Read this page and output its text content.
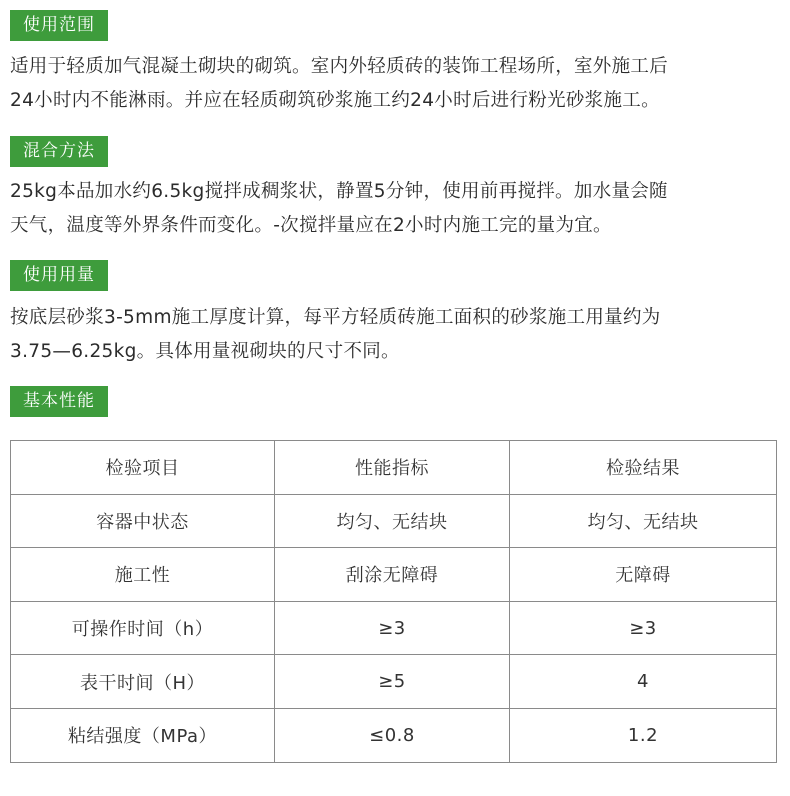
使用范围
适用于轻质加气混凝土砌块的砌筑。室内外轻质砖的装饰工程场所，室外施工后
24小时内不能淋雨。并应在轻质砌筑砂浆施工约24小时后进行粉光砂浆施工。
混合方法
25kg本品加水约6.5kg搅拌成稠浆状，静置5分钟，使用前再搅拌。加水量会随
天气，温度等外界条件而变化。-次搅拌量应在2小时内施工完的量为宜。
使用用量
按底层砂浆3-5mm施工厚度计算，每平方轻质砖施工面积的砂浆施工用量约为
3.75—6.25kg。具体用量视砌块的尺寸不同。
基本性能
检验项目	性能指标	检验结果
容器中状态	均匀、无结块	均匀、无结块
施工性	刮涂无障碍	无障碍
可操作时间（h）	≥3	≥3
表干时间（H）	≥5	4
粘结强度（MPa）	≤0.8	1.2
